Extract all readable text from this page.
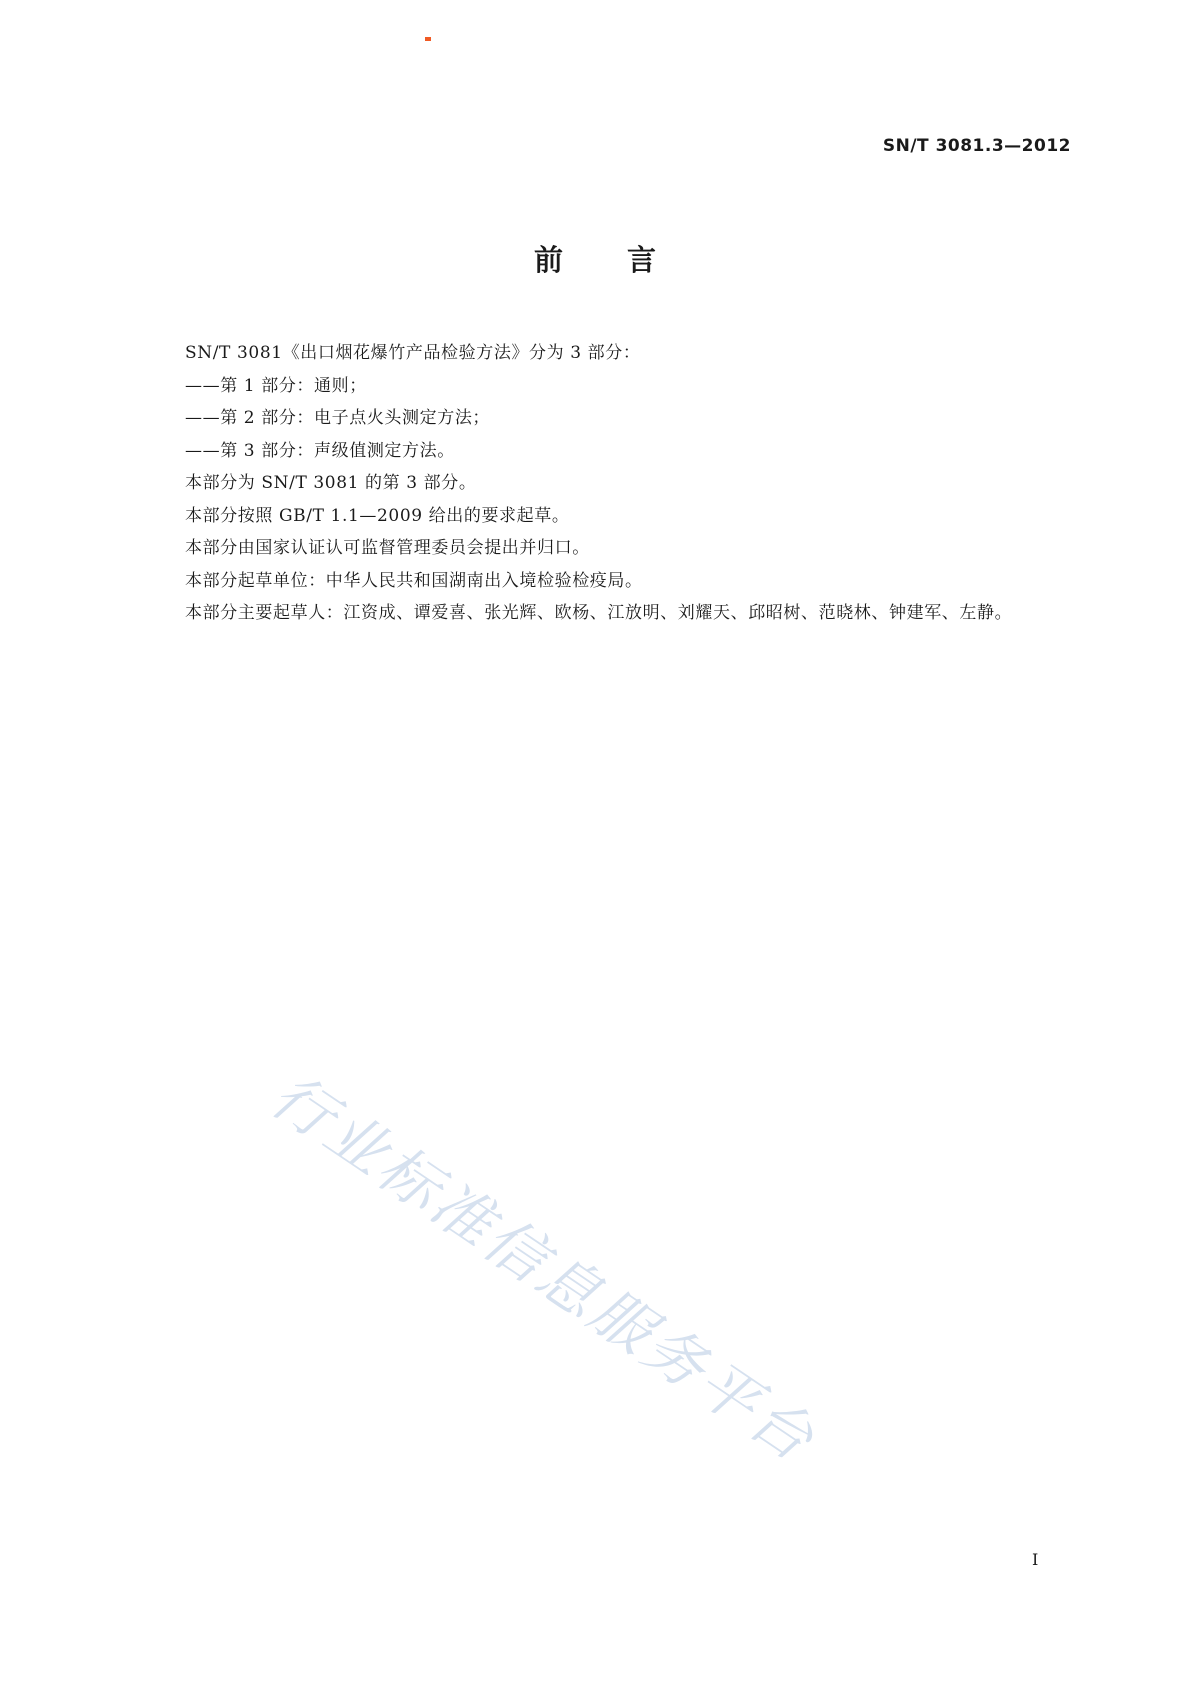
SN/T 3081.3—2012
前言
SN/T 3081《出口烟花爆竹产品检验方法》分为 3 部分：
——第 1 部分：通则；
——第 2 部分：电子点火头测定方法；
——第 3 部分：声级值测定方法。
本部分为 SN/T 3081 的第 3 部分。
本部分按照 GB/T 1.1—2009 给出的要求起草。
本部分由国家认证认可监督管理委员会提出并归口。
本部分起草单位：中华人民共和国湖南出入境检验检疫局。
本部分主要起草人：江资成、谭爱喜、张光辉、欧杨、江放明、刘耀天、邱昭树、范晓林、钟建军、左静。
行业标准信息服务平台
I
